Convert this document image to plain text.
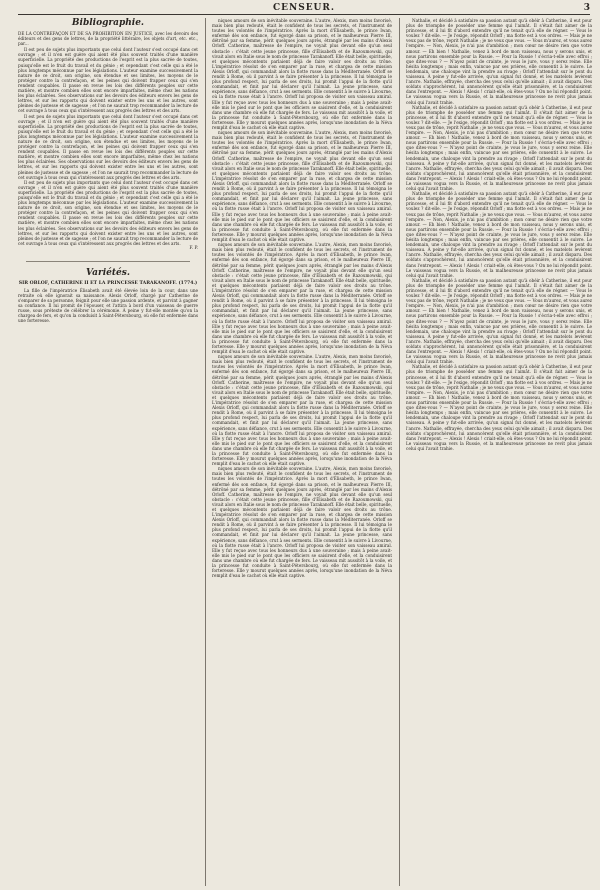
CENSEUR.	3
Bibliographie.
DE LA CONTREFAÇON ET DE SA PROHIBITION EN JUSTICE, avec les devoirs des éditeurs et des gens de lettres, de la propriété littéraire, les objets d'art, etc. etc., par...

Il est peu de sujets plus importants que celui dont l'auteur s'est occupé dans cet ouvrage ; et il n'en est guère qui aient été plus souvent traités d'une manière superficielle. La propriété des productions de l'esprit est la plus sacrée de toutes, puisqu'elle est le fruit du travail et du génie ; et cependant c'est celle qui a été le plus longtemps méconnue par les législations. L'auteur examine successivement la nature de ce droit, son origine, son étendue et ses limites, les moyens de le protéger contre la contrefaçon, et les peines qui doivent frapper ceux qui s'en rendent coupables. Il passe en revue les lois des différents peuples sur cette matière, et montre combien elles sont encore imparfaites, même chez les nations les plus éclairées. Ses observations sur les devoirs des éditeurs envers les gens de lettres, et sur les rapports qui doivent exister entre les uns et les autres, sont pleines de justesse et de sagesse ; et l'on ne saurait trop recommander la lecture de cet ouvrage à tous ceux qui s'intéressent aux progrès des lettres et des arts.

Il est peu de sujets plus importants que celui dont l'auteur s'est occupé dans cet ouvrage ; et il n'en est guère qui aient été plus souvent traités d'une manière superficielle. La propriété des productions de l'esprit est la plus sacrée de toutes, puisqu'elle est le fruit du travail et du génie ; et cependant c'est celle qui a été le plus longtemps méconnue par les législations. L'auteur examine successivement la nature de ce droit, son origine, son étendue et ses limites, les moyens de le protéger contre la contrefaçon, et les peines qui doivent frapper ceux qui s'en rendent coupables. Il passe en revue les lois des différents peuples sur cette matière, et montre combien elles sont encore imparfaites, même chez les nations les plus éclairées. Ses observations sur les devoirs des éditeurs envers les gens de lettres, et sur les rapports qui doivent exister entre les uns et les autres, sont pleines de justesse et de sagesse ; et l'on ne saurait trop recommander la lecture de cet ouvrage à tous ceux qui s'intéressent aux progrès des lettres et des arts.

Il est peu de sujets plus importants que celui dont l'auteur s'est occupé dans cet ouvrage ; et il n'en est guère qui aient été plus souvent traités d'une manière superficielle. La propriété des productions de l'esprit est la plus sacrée de toutes, puisqu'elle est le fruit du travail et du génie ; et cependant c'est celle qui a été le plus longtemps méconnue par les législations. L'auteur examine successivement la nature de ce droit, son origine, son étendue et ses limites, les moyens de le protéger contre la contrefaçon, et les peines qui doivent frapper ceux qui s'en rendent coupables. Il passe en revue les lois des différents peuples sur cette matière, et montre combien elles sont encore imparfaites, même chez les nations les plus éclairées. Ses observations sur les devoirs des éditeurs envers les gens de lettres, et sur les rapports qui doivent exister entre les uns et les autres, sont pleines de justesse et de sagesse ; et l'on ne saurait trop recommander la lecture de cet ouvrage à tous ceux qui s'intéressent aux progrès des lettres et des arts.

F. P.
Variétés.
SIR OBLOF, CATHERINE II ET LA PRINCESSE TARAKANOFF. (1774.)

La fille de l'impératrice Élisabeth avait été élevée loin de la cour, dans une retraite où elle ignorait sa naissance. Alexis Orloff, chargé par Catherine de s'emparer de sa personne, feignit pour elle une passion ardente, et parvint à gagner sa confiance. Il lui promit de l'épouser, et l'attira à bord d'un vaisseau de guerre russe, sous prétexte de célébrer la cérémonie. À peine y fut-elle montée qu'on la chargea de fers, et qu'on la conduisit à Saint-Pétersbourg, où elle fut enfermée dans une forteresse.

niques amours de son inévitable souveraine. L'autre, Alexis, mon moins favorisé, mais bien plus redouté, était le confident de tous les secrets, et l'instrument de toutes les volontés de l'impératrice. Après la mort d'Élisabeth, le prince Iwan, enfermé dès son enfance, fut égorgé dans sa prison, et le malheureux Pierre III, détrôné par sa femme, périt quelques jours après, étranglé par les mains d'Alexis Orloff. Catherine, maîtresse de l'empire, ne voyait plus devant elle qu'un seul obstacle : c'était cette jeune princesse, fille d'Élisabeth et de Razoumowski, qui vivait alors en Italie sous le nom de princesse Tarakanoff. Elle était belle, spirituelle, et quelques mécontents parlaient déjà de faire valoir ses droits au trône. L'impératrice résolut de s'en emparer par la ruse, et chargea de cette mission Alexis Orloff, qui commandait alors la flotte russe dans la Méditerranée. Orloff se rendit à Rome, où il parvint à se faire présenter à la princesse. Il lui témoigna le plus profond respect, lui parla de ses droits, lui promit l'appui de la flotte qu'il commandait, et finit par lui déclarer qu'il l'aimait. La jeune princesse, sans expérience, sans défiance, crut à ses serments. Elle consentit à le suivre à Livourne, où la flotte russe était à l'ancre. Orloff lui proposa de visiter son vaisseau amiral. Elle y fut reçue avec tous les honneurs dus à une souveraine ; mais à peine avait-elle mis le pied sur le pont que les officiers se saisirent d'elle, et la conduisirent dans une chambre où elle fut chargée de fers. Le vaisseau mit aussitôt à la voile, et la princesse fut conduite à Saint-Pétersbourg, où elle fut enfermée dans la forteresse. Elle y mourut quelques années après, lorsqu'une inondation de la Néva remplit d'eau le cachot où elle était captive.

niques amours de son inévitable souveraine. L'autre, Alexis, mon moins favorisé, mais bien plus redouté, était le confident de tous les secrets, et l'instrument de toutes les volontés de l'impératrice. Après la mort d'Élisabeth, le prince Iwan, enfermé dès son enfance, fut égorgé dans sa prison, et le malheureux Pierre III, détrôné par sa femme, périt quelques jours après, étranglé par les mains d'Alexis Orloff. Catherine, maîtresse de l'empire, ne voyait plus devant elle qu'un seul obstacle : c'était cette jeune princesse, fille d'Élisabeth et de Razoumowski, qui vivait alors en Italie sous le nom de princesse Tarakanoff. Elle était belle, spirituelle, et quelques mécontents parlaient déjà de faire valoir ses droits au trône. L'impératrice résolut de s'en emparer par la ruse, et chargea de cette mission Alexis Orloff, qui commandait alors la flotte russe dans la Méditerranée. Orloff se rendit à Rome, où il parvint à se faire présenter à la princesse. Il lui témoigna le plus profond respect, lui parla de ses droits, lui promit l'appui de la flotte qu'il commandait, et finit par lui déclarer qu'il l'aimait. La jeune princesse, sans expérience, sans défiance, crut à ses serments. Elle consentit à le suivre à Livourne, où la flotte russe était à l'ancre. Orloff lui proposa de visiter son vaisseau amiral. Elle y fut reçue avec tous les honneurs dus à une souveraine ; mais à peine avait-elle mis le pied sur le pont que les officiers se saisirent d'elle, et la conduisirent dans une chambre où elle fut chargée de fers. Le vaisseau mit aussitôt à la voile, et la princesse fut conduite à Saint-Pétersbourg, où elle fut enfermée dans la forteresse. Elle y mourut quelques années après, lorsqu'une inondation de la Néva remplit d'eau le cachot où elle était captive.

niques amours de son inévitable souveraine. L'autre, Alexis, mon moins favorisé, mais bien plus redouté, était le confident de tous les secrets, et l'instrument de toutes les volontés de l'impératrice. Après la mort d'Élisabeth, le prince Iwan, enfermé dès son enfance, fut égorgé dans sa prison, et le malheureux Pierre III, détrôné par sa femme, périt quelques jours après, étranglé par les mains d'Alexis Orloff. Catherine, maîtresse de l'empire, ne voyait plus devant elle qu'un seul obstacle : c'était cette jeune princesse, fille d'Élisabeth et de Razoumowski, qui vivait alors en Italie sous le nom de princesse Tarakanoff. Elle était belle, spirituelle, et quelques mécontents parlaient déjà de faire valoir ses droits au trône. L'impératrice résolut de s'en emparer par la ruse, et chargea de cette mission Alexis Orloff, qui commandait alors la flotte russe dans la Méditerranée. Orloff se rendit à Rome, où il parvint à se faire présenter à la princesse. Il lui témoigna le plus profond respect, lui parla de ses droits, lui promit l'appui de la flotte qu'il commandait, et finit par lui déclarer qu'il l'aimait. La jeune princesse, sans expérience, sans défiance, crut à ses serments. Elle consentit à le suivre à Livourne, où la flotte russe était à l'ancre. Orloff lui proposa de visiter son vaisseau amiral. Elle y fut reçue avec tous les honneurs dus à une souveraine ; mais à peine avait-elle mis le pied sur le pont que les officiers se saisirent d'elle, et la conduisirent dans une chambre où elle fut chargée de fers. Le vaisseau mit aussitôt à la voile, et la princesse fut conduite à Saint-Pétersbourg, où elle fut enfermée dans la forteresse. Elle y mourut quelques années après, lorsqu'une inondation de la Néva remplit d'eau le cachot où elle était captive.

niques amours de son inévitable souveraine. L'autre, Alexis, mon moins favorisé, mais bien plus redouté, était le confident de tous les secrets, et l'instrument de toutes les volontés de l'impératrice. Après la mort d'Élisabeth, le prince Iwan, enfermé dès son enfance, fut égorgé dans sa prison, et le malheureux Pierre III, détrôné par sa femme, périt quelques jours après, étranglé par les mains d'Alexis Orloff. Catherine, maîtresse de l'empire, ne voyait plus devant elle qu'un seul obstacle : c'était cette jeune princesse, fille d'Élisabeth et de Razoumowski, qui vivait alors en Italie sous le nom de princesse Tarakanoff. Elle était belle, spirituelle, et quelques mécontents parlaient déjà de faire valoir ses droits au trône. L'impératrice résolut de s'en emparer par la ruse, et chargea de cette mission Alexis Orloff, qui commandait alors la flotte russe dans la Méditerranée. Orloff se rendit à Rome, où il parvint à se faire présenter à la princesse. Il lui témoigna le plus profond respect, lui parla de ses droits, lui promit l'appui de la flotte qu'il commandait, et finit par lui déclarer qu'il l'aimait. La jeune princesse, sans expérience, sans défiance, crut à ses serments. Elle consentit à le suivre à Livourne, où la flotte russe était à l'ancre. Orloff lui proposa de visiter son vaisseau amiral. Elle y fut reçue avec tous les honneurs dus à une souveraine ; mais à peine avait-elle mis le pied sur le pont que les officiers se saisirent d'elle, et la conduisirent dans une chambre où elle fut chargée de fers. Le vaisseau mit aussitôt à la voile, et la princesse fut conduite à Saint-Pétersbourg, où elle fut enfermée dans la forteresse. Elle y mourut quelques années après, lorsqu'une inondation de la Néva remplit d'eau le cachot où elle était captive.

niques amours de son inévitable souveraine. L'autre, Alexis, mon moins favorisé, mais bien plus redouté, était le confident de tous les secrets, et l'instrument de toutes les volontés de l'impératrice. Après la mort d'Élisabeth, le prince Iwan, enfermé dès son enfance, fut égorgé dans sa prison, et le malheureux Pierre III, détrôné par sa femme, périt quelques jours après, étranglé par les mains d'Alexis Orloff. Catherine, maîtresse de l'empire, ne voyait plus devant elle qu'un seul obstacle : c'était cette jeune princesse, fille d'Élisabeth et de Razoumowski, qui vivait alors en Italie sous le nom de princesse Tarakanoff. Elle était belle, spirituelle, et quelques mécontents parlaient déjà de faire valoir ses droits au trône. L'impératrice résolut de s'en emparer par la ruse, et chargea de cette mission Alexis Orloff, qui commandait alors la flotte russe dans la Méditerranée. Orloff se rendit à Rome, où il parvint à se faire présenter à la princesse. Il lui témoigna le plus profond respect, lui parla de ses droits, lui promit l'appui de la flotte qu'il commandait, et finit par lui déclarer qu'il l'aimait. La jeune princesse, sans expérience, sans défiance, crut à ses serments. Elle consentit à le suivre à Livourne, où la flotte russe était à l'ancre. Orloff lui proposa de visiter son vaisseau amiral. Elle y fut reçue avec tous les honneurs dus à une souveraine ; mais à peine avait-elle mis le pied sur le pont que les officiers se saisirent d'elle, et la conduisirent dans une chambre où elle fut chargée de fers. Le vaisseau mit aussitôt à la voile, et la princesse fut conduite à Saint-Pétersbourg, où elle fut enfermée dans la forteresse. Elle y mourut quelques années après, lorsqu'une inondation de la Néva remplit d'eau le cachot où elle était captive.

Nathalie, et décidé à satisfaire sa passion autant qu'à obéir à Catherine, il eut pour plus de triomphe de posséder une femme qui l'aimât. Il s'était fait aimer de la princesse, et il lui fit d'abord entendre qu'il ne tenait qu'à elle de régner. — Vous le voulez ? dit-elle. — Je l'exige, répondit Orloff ; ma flotte est à vos ordres. — Mais je ne veux pas de trône, reprit Nathalie ; je ne veux que vous. — Vous m'aurez, et vous aurez l'empire. — Non, Alexis, je n'ai pas d'ambition ; mon cœur ne désire rien que votre amour. — Eh bien ! Nathalie, venez à bord de mon vaisseau, nous y serons unis, et nous partirons ensemble pour la Russie. — Pour la Russie ! s'écria-t-elle avec effroi ; que dites-vous ? — N'ayez point de crainte, je vous le jure, vous y serez reine. Elle hésita longtemps ; mais enfin, vaincue par ses prières, elle consentit à le suivre. Le lendemain, une chaloupe vint la prendre au rivage ; Orloff l'attendait sur le pont du vaisseau. À peine y fut-elle arrivée, qu'un signal fut donné, et les matelots levèrent l'ancre. Nathalie, effrayée, chercha des yeux celui qu'elle aimait ; il avait disparu. Des soldats s'approchèrent, lui annoncèrent qu'elle était prisonnière, et la conduisirent dans l'entrepont. — Alexis ! Alexis ! criait-elle, où êtes-vous ? On ne lui répondit point. Le vaisseau vogua vers la Russie, et la malheureuse princesse ne revit plus jamais celui qui l'avait trahie.

Nathalie, et décidé à satisfaire sa passion autant qu'à obéir à Catherine, il eut pour plus de triomphe de posséder une femme qui l'aimât. Il s'était fait aimer de la princesse, et il lui fit d'abord entendre qu'il ne tenait qu'à elle de régner. — Vous le voulez ? dit-elle. — Je l'exige, répondit Orloff ; ma flotte est à vos ordres. — Mais je ne veux pas de trône, reprit Nathalie ; je ne veux que vous. — Vous m'aurez, et vous aurez l'empire. — Non, Alexis, je n'ai pas d'ambition ; mon cœur ne désire rien que votre amour. — Eh bien ! Nathalie, venez à bord de mon vaisseau, nous y serons unis, et nous partirons ensemble pour la Russie. — Pour la Russie ! s'écria-t-elle avec effroi ; que dites-vous ? — N'ayez point de crainte, je vous le jure, vous y serez reine. Elle hésita longtemps ; mais enfin, vaincue par ses prières, elle consentit à le suivre. Le lendemain, une chaloupe vint la prendre au rivage ; Orloff l'attendait sur le pont du vaisseau. À peine y fut-elle arrivée, qu'un signal fut donné, et les matelots levèrent l'ancre. Nathalie, effrayée, chercha des yeux celui qu'elle aimait ; il avait disparu. Des soldats s'approchèrent, lui annoncèrent qu'elle était prisonnière, et la conduisirent dans l'entrepont. — Alexis ! Alexis ! criait-elle, où êtes-vous ? On ne lui répondit point. Le vaisseau vogua vers la Russie, et la malheureuse princesse ne revit plus jamais celui qui l'avait trahie.

Nathalie, et décidé à satisfaire sa passion autant qu'à obéir à Catherine, il eut pour plus de triomphe de posséder une femme qui l'aimât. Il s'était fait aimer de la princesse, et il lui fit d'abord entendre qu'il ne tenait qu'à elle de régner. — Vous le voulez ? dit-elle. — Je l'exige, répondit Orloff ; ma flotte est à vos ordres. — Mais je ne veux pas de trône, reprit Nathalie ; je ne veux que vous. — Vous m'aurez, et vous aurez l'empire. — Non, Alexis, je n'ai pas d'ambition ; mon cœur ne désire rien que votre amour. — Eh bien ! Nathalie, venez à bord de mon vaisseau, nous y serons unis, et nous partirons ensemble pour la Russie. — Pour la Russie ! s'écria-t-elle avec effroi ; que dites-vous ? — N'ayez point de crainte, je vous le jure, vous y serez reine. Elle hésita longtemps ; mais enfin, vaincue par ses prières, elle consentit à le suivre. Le lendemain, une chaloupe vint la prendre au rivage ; Orloff l'attendait sur le pont du vaisseau. À peine y fut-elle arrivée, qu'un signal fut donné, et les matelots levèrent l'ancre. Nathalie, effrayée, chercha des yeux celui qu'elle aimait ; il avait disparu. Des soldats s'approchèrent, lui annoncèrent qu'elle était prisonnière, et la conduisirent dans l'entrepont. — Alexis ! Alexis ! criait-elle, où êtes-vous ? On ne lui répondit point. Le vaisseau vogua vers la Russie, et la malheureuse princesse ne revit plus jamais celui qui l'avait trahie.

Nathalie, et décidé à satisfaire sa passion autant qu'à obéir à Catherine, il eut pour plus de triomphe de posséder une femme qui l'aimât. Il s'était fait aimer de la princesse, et il lui fit d'abord entendre qu'il ne tenait qu'à elle de régner. — Vous le voulez ? dit-elle. — Je l'exige, répondit Orloff ; ma flotte est à vos ordres. — Mais je ne veux pas de trône, reprit Nathalie ; je ne veux que vous. — Vous m'aurez, et vous aurez l'empire. — Non, Alexis, je n'ai pas d'ambition ; mon cœur ne désire rien que votre amour. — Eh bien ! Nathalie, venez à bord de mon vaisseau, nous y serons unis, et nous partirons ensemble pour la Russie. — Pour la Russie ! s'écria-t-elle avec effroi ; que dites-vous ? — N'ayez point de crainte, je vous le jure, vous y serez reine. Elle hésita longtemps ; mais enfin, vaincue par ses prières, elle consentit à le suivre. Le lendemain, une chaloupe vint la prendre au rivage ; Orloff l'attendait sur le pont du vaisseau. À peine y fut-elle arrivée, qu'un signal fut donné, et les matelots levèrent l'ancre. Nathalie, effrayée, chercha des yeux celui qu'elle aimait ; il avait disparu. Des soldats s'approchèrent, lui annoncèrent qu'elle était prisonnière, et la conduisirent dans l'entrepont. — Alexis ! Alexis ! criait-elle, où êtes-vous ? On ne lui répondit point. Le vaisseau vogua vers la Russie, et la malheureuse princesse ne revit plus jamais celui qui l'avait trahie.

Nathalie, et décidé à satisfaire sa passion autant qu'à obéir à Catherine, il eut pour plus de triomphe de posséder une femme qui l'aimât. Il s'était fait aimer de la princesse, et il lui fit d'abord entendre qu'il ne tenait qu'à elle de régner. — Vous le voulez ? dit-elle. — Je l'exige, répondit Orloff ; ma flotte est à vos ordres. — Mais je ne veux pas de trône, reprit Nathalie ; je ne veux que vous. — Vous m'aurez, et vous aurez l'empire. — Non, Alexis, je n'ai pas d'ambition ; mon cœur ne désire rien que votre amour. — Eh bien ! Nathalie, venez à bord de mon vaisseau, nous y serons unis, et nous partirons ensemble pour la Russie. — Pour la Russie ! s'écria-t-elle avec effroi ; que dites-vous ? — N'ayez point de crainte, je vous le jure, vous y serez reine. Elle hésita longtemps ; mais enfin, vaincue par ses prières, elle consentit à le suivre. Le lendemain, une chaloupe vint la prendre au rivage ; Orloff l'attendait sur le pont du vaisseau. À peine y fut-elle arrivée, qu'un signal fut donné, et les matelots levèrent l'ancre. Nathalie, effrayée, chercha des yeux celui qu'elle aimait ; il avait disparu. Des soldats s'approchèrent, lui annoncèrent qu'elle était prisonnière, et la conduisirent dans l'entrepont. — Alexis ! Alexis ! criait-elle, où êtes-vous ? On ne lui répondit point. Le vaisseau vogua vers la Russie, et la malheureuse princesse ne revit plus jamais celui qui l'avait trahie.
